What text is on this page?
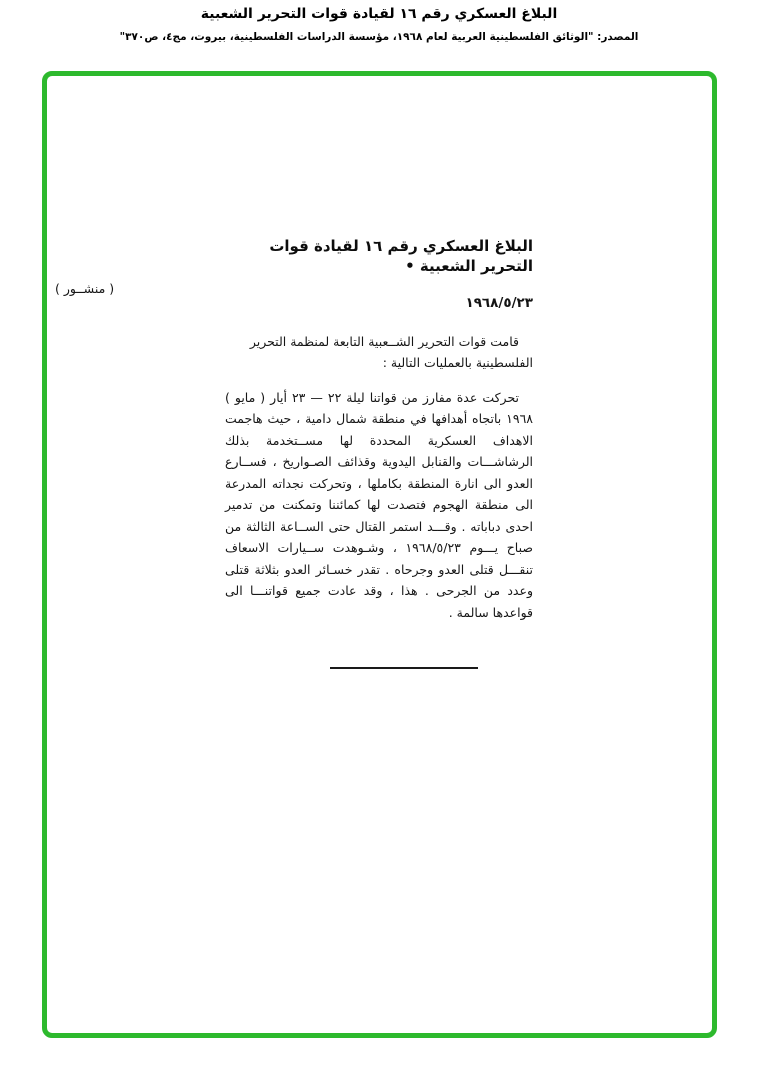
البلاغ العسكري رقم ١٦ لقيادة قوات التحرير الشعبية
المصدر: "الوثائق الفلسطينية العربية لعام ١٩٦٨، مؤسسة الدراسات الفلسطينية، بيروت، مج٤، ص٣٧٠"
( منشــور )
البلاغ العسكري رقم ١٦ لقيادة قوات التحرير الشعبية •
١٩٦٨/٥/٢٣

قامت قوات التحرير الشــعبية التابعة لمنظمة التحرير الفلسطينية بالعمليات التالية :

تحركت عدة مفارز من قواتنا ليلة ٢٢ — ٢٣ أيار ( مايو ) ١٩٦٨ باتجاه أهدافها في منطقة شمال دامية ، حيث هاجمت الاهداف العسكرية المحددة لها مســتخدمة بذلك الرشاشـــات والقنابل اليدوية وقذائف الصـواريخ ، فســارع العدو الى انارة المنطقة بكاملها ، وتحركت نجداته المدرعة الى منطقة الهجوم فتصدت لها كمائننا وتمكنت من تدمير احدى دباباته . وقـــد استمر القتال حتى الســاعة الثالثة من صباح يـــوم ١٩٦٨/٥/٢٣ ، وشـوهدت ســيارات الاسعاف تنقـــل قتلى العدو وجرحاه . تقدر خسـائر العدو بثلاثة قتلى وعدد من الجرحى . هذا ، وقد عادت جميع قواتنـــا الى قواعدها سالمة .
